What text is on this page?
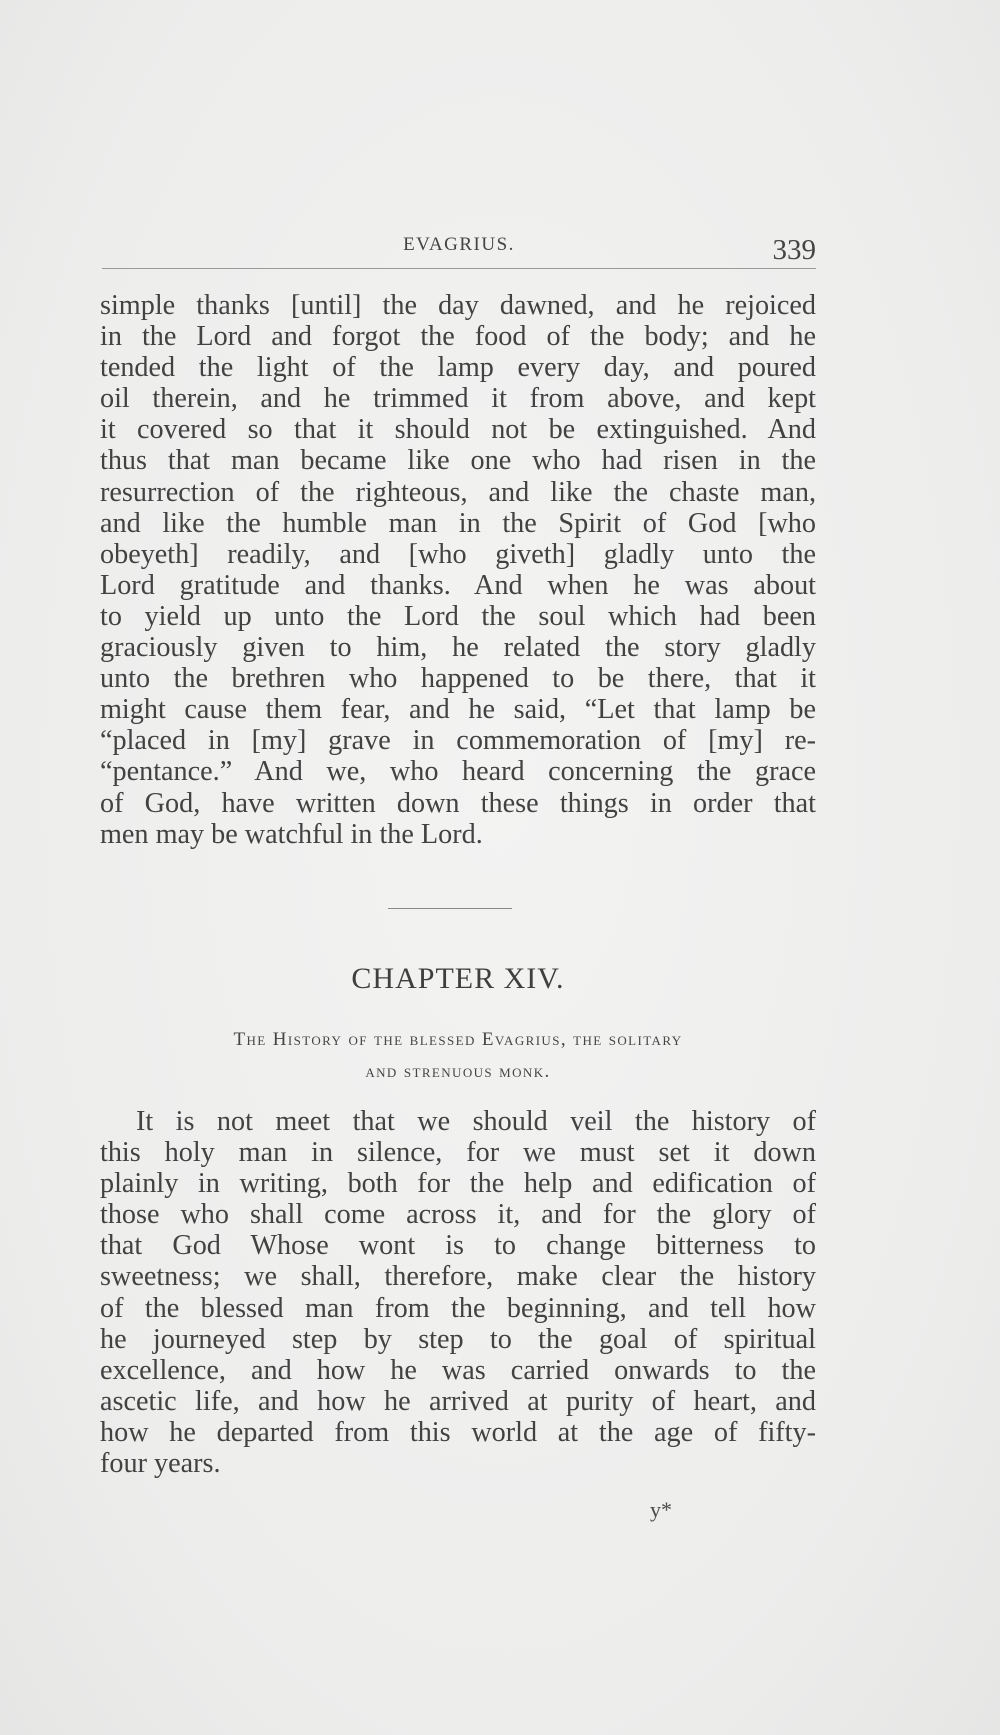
EVAGRIUS.	339
simple thanks [until] the day dawned, and he rejoiced
in the Lord and forgot the food of the body; and he
tended the light of the lamp every day, and poured
oil therein, and he trimmed it from above, and kept
it covered so that it should not be extinguished. And
thus that man became like one who had risen in the
resurrection of the righteous, and like the chaste man,
and like the humble man in the Spirit of God [who
obeyeth] readily, and [who giveth] gladly unto the
Lord gratitude and thanks. And when he was about
to yield up unto the Lord the soul which had been
graciously given to him, he related the story gladly
unto the brethren who happened to be there, that it
might cause them fear, and he said, “Let that lamp be
“placed in [my] grave in commemoration of [my] re-
“pentance.” And we, who heard concerning the grace
of God, have written down these things in order that
men may be watchful in the Lord.
CHAPTER XIV.
The History of the blessed Evagrius, the solitary
and strenuous monk.
It is not meet that we should veil the history of
this holy man in silence, for we must set it down
plainly in writing, both for the help and edification of
those who shall come across it, and for the glory of
that God Whose wont is to change bitterness to
sweetness; we shall, therefore, make clear the history
of the blessed man from the beginning, and tell how
he journeyed step by step to the goal of spiritual
excellence, and how he was carried onwards to the
ascetic life, and how he arrived at purity of heart, and
how he departed from this world at the age of fifty-
four years.
y*
